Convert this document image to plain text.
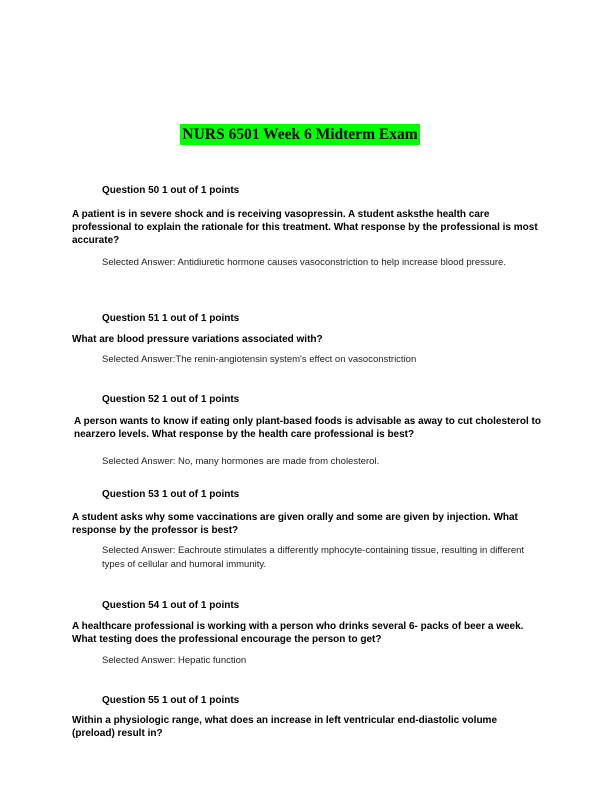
NURS 6501 Week 6 Midterm Exam
Question 50 1 out of 1 points
A patient is in severe shock and is receiving vasopressin. A student asksthe health care professional to explain the rationale for this treatment. What response by the professional is most accurate?
Selected Answer: Antidiuretic hormone causes vasoconstriction to help increase blood pressure.
Question 51 1 out of 1 points
What are blood pressure variations associated with?
Selected Answer:The renin-angiotensin system's effect on vasoconstriction
Question 52 1 out of 1 points
A person wants to know if eating only plant-based foods is advisable as away to cut cholesterol to nearzero levels. What response by the health care professional is best?
Selected Answer: No, many hormones are made from cholesterol.
Question 53 1 out of 1 points
A student asks why some vaccinations are given orally and some are given by injection. What response by the professor is best?
Selected Answer: Eachroute stimulates a differently mphocyte-containing tissue, resulting in different types of cellular and humoral immunity.
Question 54 1 out of 1 points
A healthcare professional is working with a person who drinks several 6- packs of beer a week. What testing does the professional encourage the person to get?
Selected Answer: Hepatic function
Question 55 1 out of 1 points
Within a physiologic range, what does an increase in left ventricular end-diastolic volume (preload) result in?
